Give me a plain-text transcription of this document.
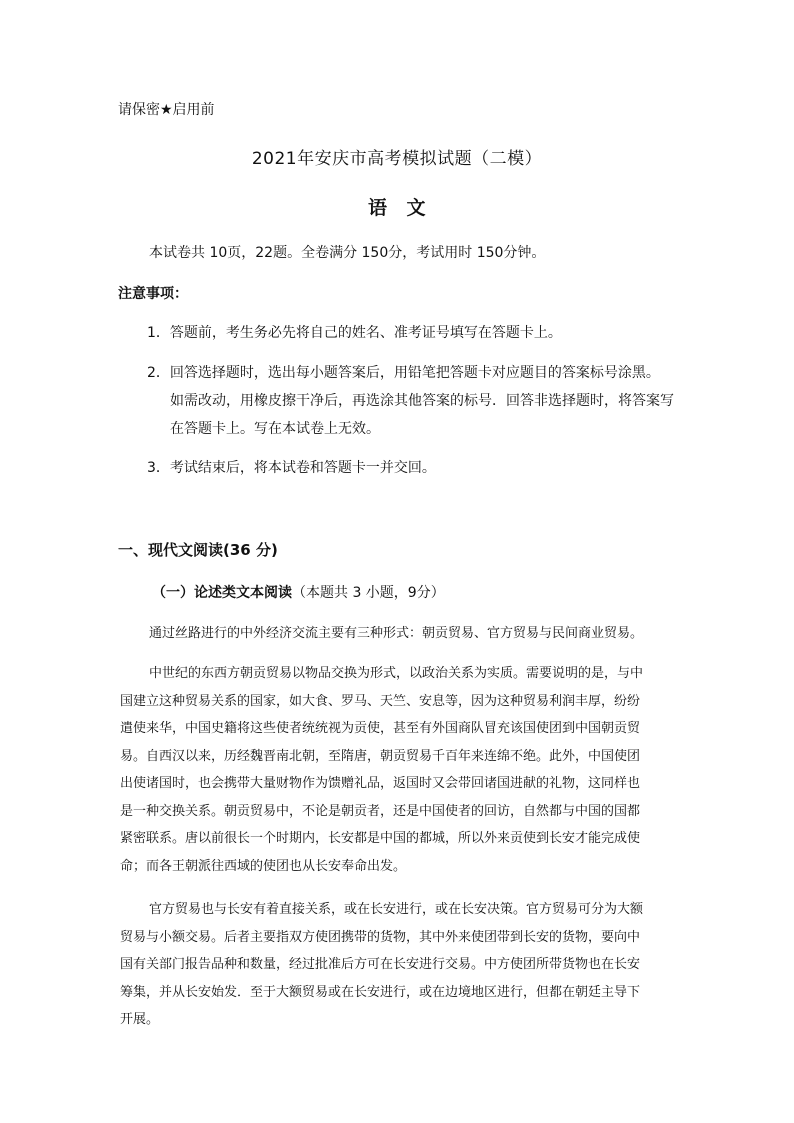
请保密★启用前
2021年安庆市高考模拟试题（二模）
语 文
本试卷共 10页，22题。全卷满分 150分，考试用时 150分钟。
注意事项：
1．答题前，考生务必先将自己的姓名、准考证号填写在答题卡上。
2．回答选择题时，选出每小题答案后，用铅笔把答题卡对应题目的答案标号涂黑。
如需改动，用橡皮擦干净后，再选涂其他答案的标号．回答非选择题时，将答案写
在答题卡上。写在本试卷上无效。
3．考试结束后，将本试卷和答题卡一并交回。
一、现代文阅读(36 分)
（一）论述类文本阅读（本题共 3 小题，9分）
通过丝路进行的中外经济交流主要有三种形式：朝贡贸易、官方贸易与民间商业贸易。
中世纪的东西方朝贡贸易以物品交换为形式，以政治关系为实质。需要说明的是，与中
国建立这种贸易关系的国家，如大食、罗马、天竺、安息等，因为这种贸易利润丰厚，纷纷
遣使来华，中国史籍将这些使者统统视为贡使，甚至有外国商队冒充该国使团到中国朝贡贸
易。自西汉以来，历经魏晋南北朝，至隋唐，朝贡贸易千百年来连绵不绝。此外，中国使团
出使诸国时，也会携带大量财物作为馈赠礼品，返国时又会带回诸国进献的礼物，这同样也
是一种交换关系。朝贡贸易中，不论是朝贡者，还是中国使者的回访，自然都与中国的国都
紧密联系。唐以前很长一个时期内，长安都是中国的都城，所以外来贡使到长安才能完成使
命；而各王朝派往西域的使团也从长安奉命出发。
官方贸易也与长安有着直接关系，或在长安进行，或在长安决策。官方贸易可分为大额
贸易与小额交易。后者主要指双方使团携带的货物，其中外来使团带到长安的货物，要向中
国有关部门报告品种和数量，经过批准后方可在长安进行交易。中方使团所带货物也在长安
筹集，并从长安始发．至于大额贸易或在长安进行，或在边境地区进行，但都在朝廷主导下
开展。
